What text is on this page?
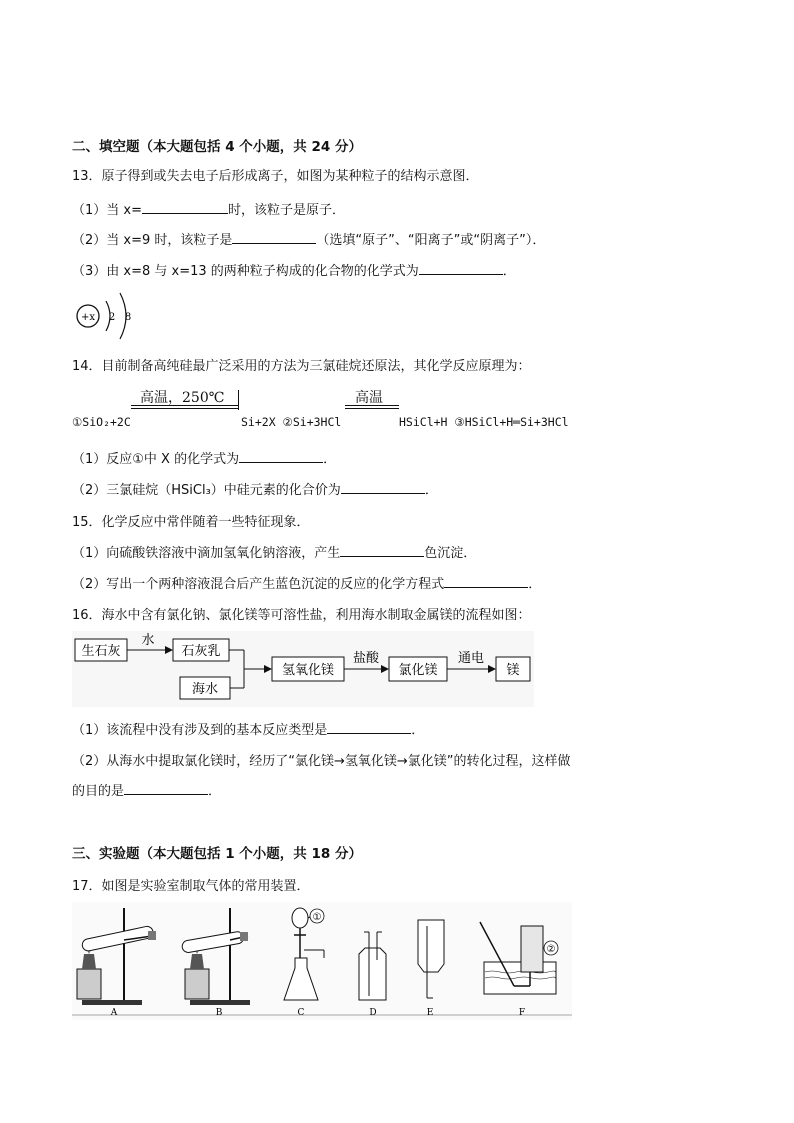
二、填空题（本大题包括 4 个小题，共 24 分）
13．原子得到或失去电子后形成离子，如图为某种粒子的结构示意图．
（1）当 x=	时，该粒子是原子．
（2）当 x=9 时，该粒子是	（选填“原子”、“阳离子”或“阴离子”）．
（3）由 x=8 与 x=13 的两种粒子构成的化合物的化学式为	．
+x 2 8
14．目前制备高纯硅最广泛采用的方法为三氯硅烷还原法，其化学反应原理为：
高温，250℃	高温
①SiO₂+2C	Si+2X ②Si+3HCl	HSiCl+H ③HSiCl+H═Si+3HCl
（1）反应①中 X 的化学式为	．
（2）三氯硅烷（HSiCl₃）中硅元素的化合价为	．
15．化学反应中常伴随着一些特征现象．
（1）向硫酸铁溶液中滴加氢氧化钠溶液，产生	色沉淀．
（2）写出一个两种溶液混合后产生蓝色沉淀的反应的化学方程式	．
16．海水中含有氯化钠、氯化镁等可溶性盐，利用海水制取金属镁的流程如图：
生石灰
水
石灰乳
海水
氢氧化镁
盐酸
氯化镁
通电
镁
（1）该流程中没有涉及到的基本反应类型是	．
（2）从海水中提取氯化镁时，经历了“氯化镁→氢氧化镁→氯化镁”的转化过程，这样做
的目的是	．
三、实验题（本大题包括 1 个小题，共 18 分）
17．如图是实验室制取气体的常用装置．
A	B
①
C	D	E
②
F
